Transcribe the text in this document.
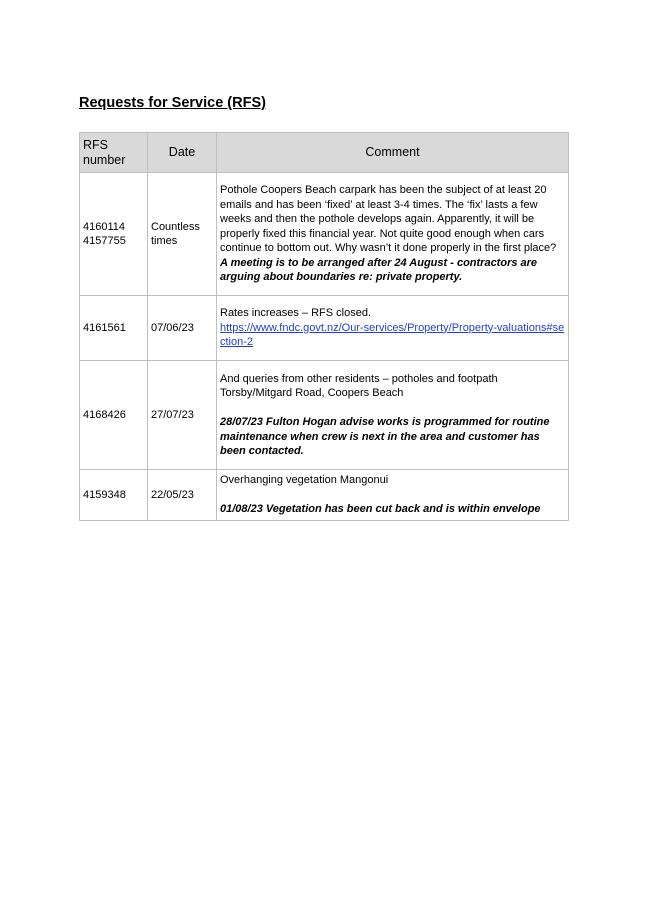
Requests for Service (RFS)
RFS number	Date	Comment

4160114
4157755	Countless times	Pothole Coopers Beach carpark has been the subject of at least 20 emails and has been ‘fixed’ at least 3-4 times. The ‘fix’ lasts a few weeks and then the pothole develops again. Apparently, it will be properly fixed this financial year. Not quite good enough when cars continue to bottom out. Why wasn’t it done properly in the first place?
A meeting is to be arranged after 24 August - contractors are arguing about boundaries re: private property.

4161561	07/06/23	Rates increases – RFS closed.
https://www.fndc.govt.nz/Our-services/Property/Property-valuations#section-2

4168426	27/07/23	And queries from other residents – potholes and footpath
Torsby/Mitgard Road, Coopers Beach
28/07/23 Fulton Hogan advise works is programmed for routine maintenance when crew is next in the area and customer has been contacted.

4159348	22/05/23	Overhanging vegetation Mangonui
01/08/23 Vegetation has been cut back and is within envelope
